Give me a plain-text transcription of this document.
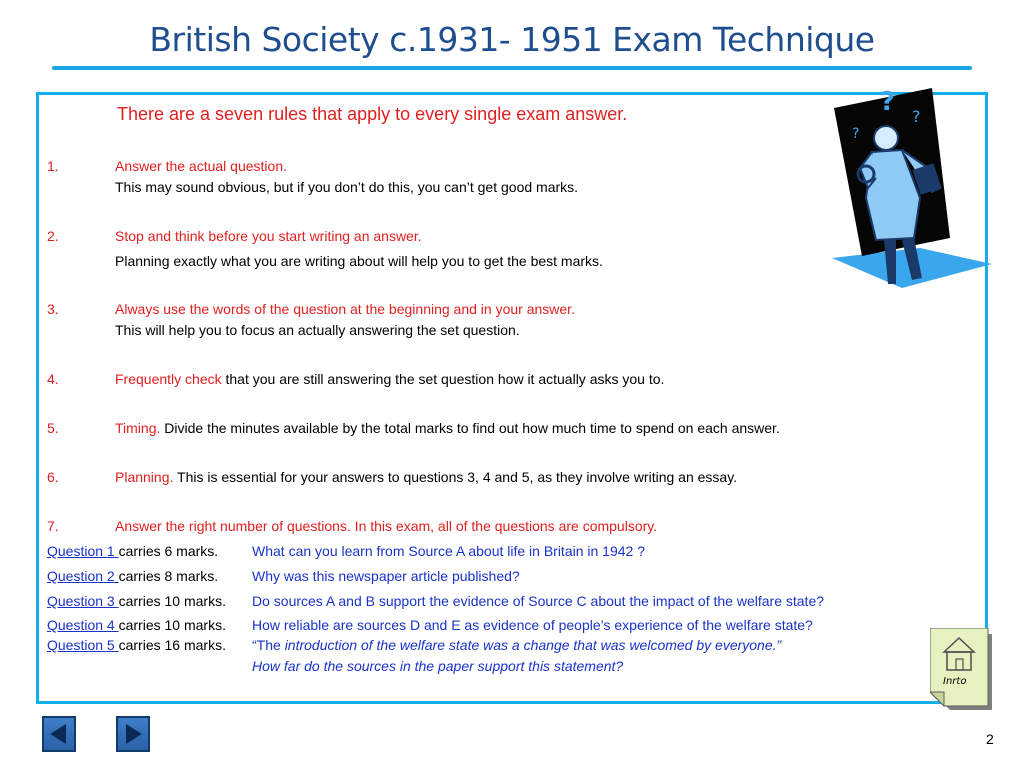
British Society c.1931- 1951 Exam Technique
There are a seven rules that apply to every single exam answer.
1.	Answer the actual question.
This may sound obvious, but if you don’t do this, you can’t get good marks.
2.	Stop and think before you start writing an answer.
Planning exactly what you are writing about will help you to get the best marks.
3.	Always use the words of the question at the beginning and in your answer.
This will help you to focus an actually answering the set question.
4.	Frequently check that you are still answering the set question how it actually asks you to.
5.	Timing. Divide the minutes available by the total marks to find out how much time to spend on each answer.
6.	Planning. This is essential for your answers to questions 3, 4 and 5, as they involve writing an essay.
7.	Answer the right number of questions. In this exam, all of the questions are compulsory.
Question 1 carries 6 marks. What can you learn from Source A about life in Britain in 1942 ?
Question 2 carries 8 marks. Why was this newspaper article published?
Question 3 carries 10 marks. Do sources A and B support the evidence of Source C about the impact of the welfare state?
Question 4 carries 10 marks. How reliable are sources D and E as evidence of people’s experience of the welfare state?
Question 5 carries 16 marks. “The introduction of the welfare state was a change that was welcomed by everyone.”
How far do the sources in the paper support this statement?
? ?
?
Inrto
2
